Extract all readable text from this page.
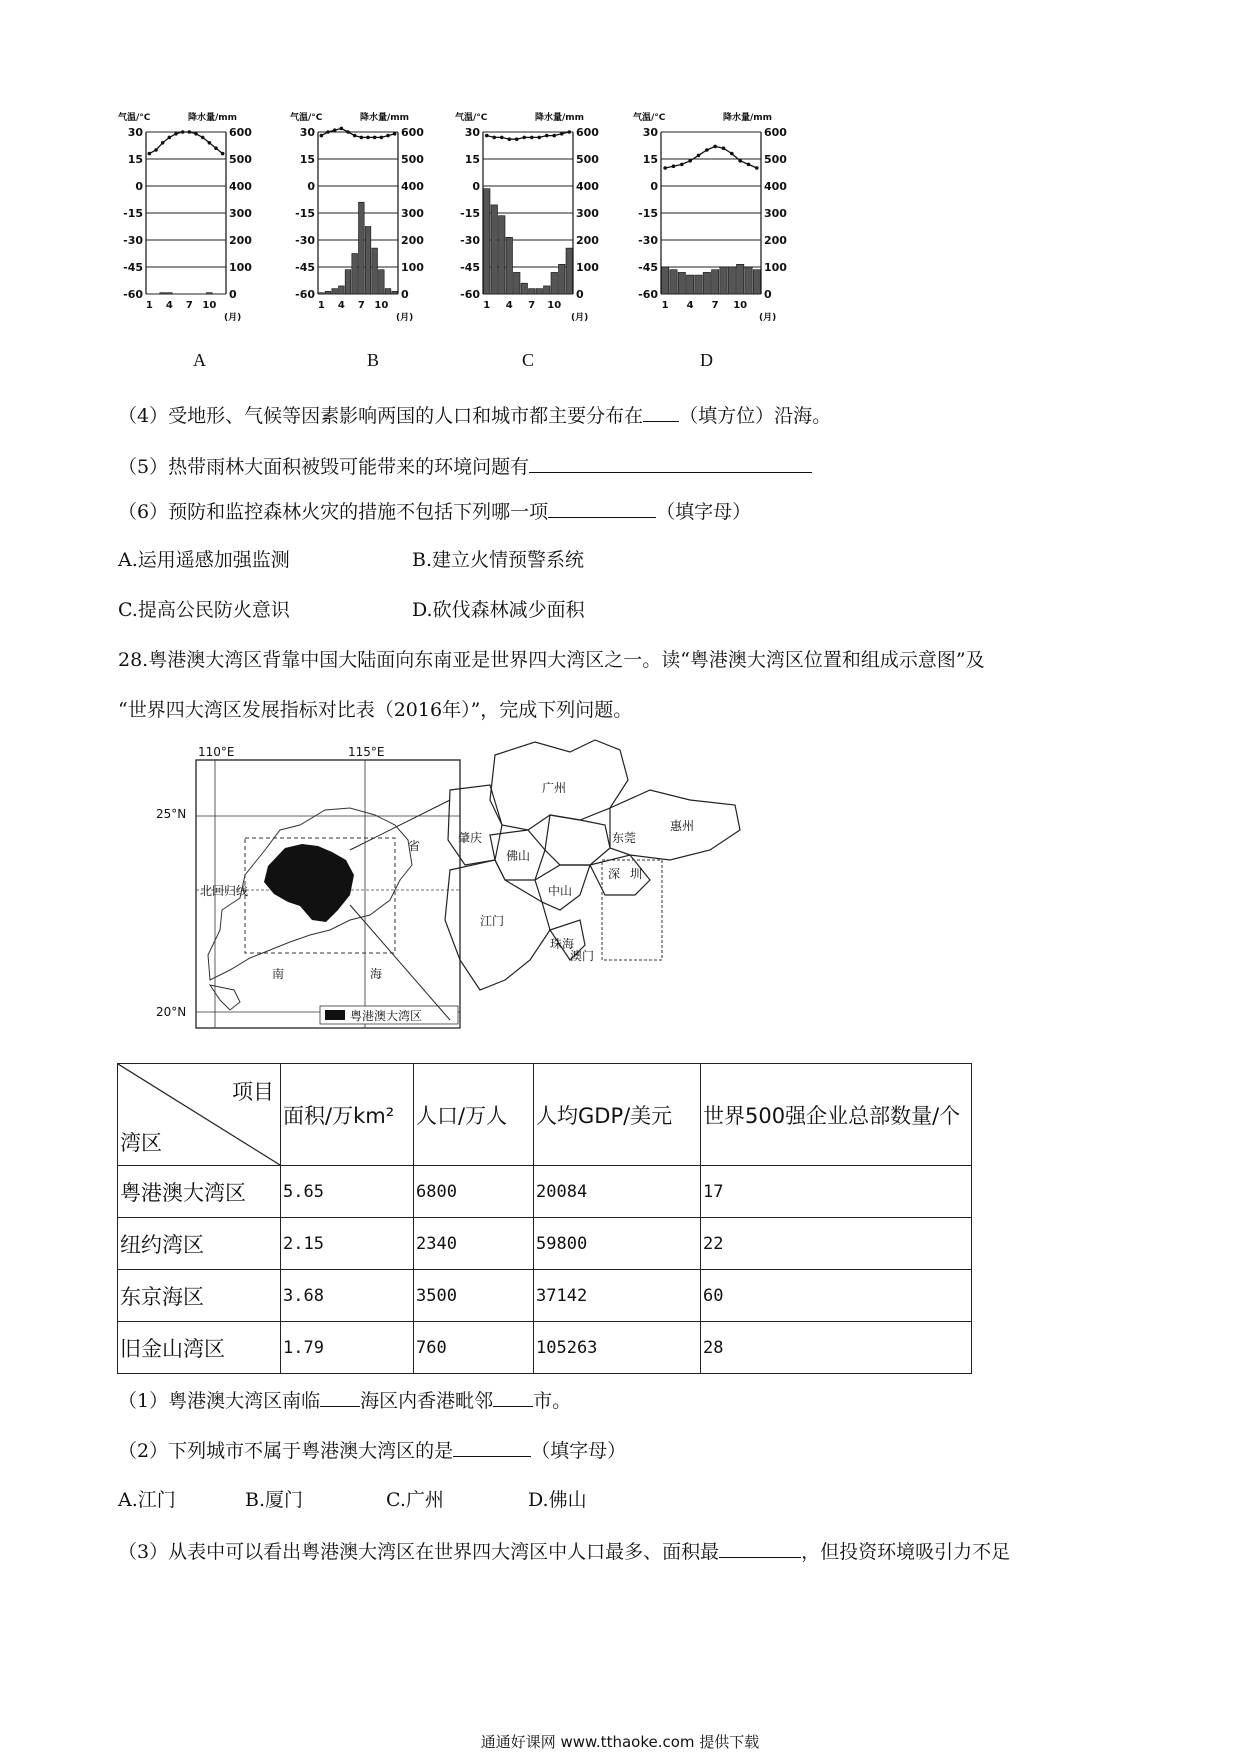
气温/°C	降水量/mm
30	600
15	500
0	400
-15	300
-30	200
-45	100
-60	0
1 4 7 10
(月)
气温/°C	降水量/mm
30	600
15	500
0	400
-15	300
-30	200
-45	100
-60	0
1 4 7 10
(月)
气温/°C	降水量/mm
30	600
15	500
0	400
-15	300
-30	200
-45	100
-60	0
1 4 7 10
(月)
气温/°C	降水量/mm
30	600
15	500
0	400
-15	300
-30	200
-45	100
-60	0
1 4 7 10
(月)
A	B	C	D
（4）受地形、气候等因素影响两国的人口和城市都主要分布在 （填方位）沿海。
（5）热带雨林大面积被毁可能带来的环境问题有
（6）预防和监控森林火灾的措施不包括下列哪一项	（填字母）
A.运用遥感加强监测	B.建立火情预警系统
C.提高公民防火意识	D.砍伐森林减少面积
28.粤港澳大湾区背靠中国大陆面向东南亚是世界四大湾区之一。读“粤港澳大湾区位置和组成示意图”及
“世界四大湾区发展指标对比表（2016年）”，完成下列问题。
北回归线
110°E	115°E
25°N
20°N
省
南	海
粤港澳大湾区
肇庆
广州
惠州
佛山
东莞
深 圳
中山
江门
珠海
澳门
项目
湾区	面积/万km²	人口/万人	人均GDP/美元	世界500强企业总部数量/个
粤港澳大湾区	5.65	6800	20084	17
纽约湾区	2.15	2340	59800	22
东京海区	3.68	3500	37142	60
旧金山湾区	1.79	760	105263	28
（1）粤港澳大湾区南临 海区内香港毗邻 市。
（2）下列城市不属于粤港澳大湾区的是	（填字母）
A.江门	B.厦门	C.广州	D.佛山
（3）从表中可以看出粤港澳大湾区在世界四大湾区中人口最多、面积最	，但投资环境吸引力不足
通通好课网 www.tthaoke.com 提供下载
